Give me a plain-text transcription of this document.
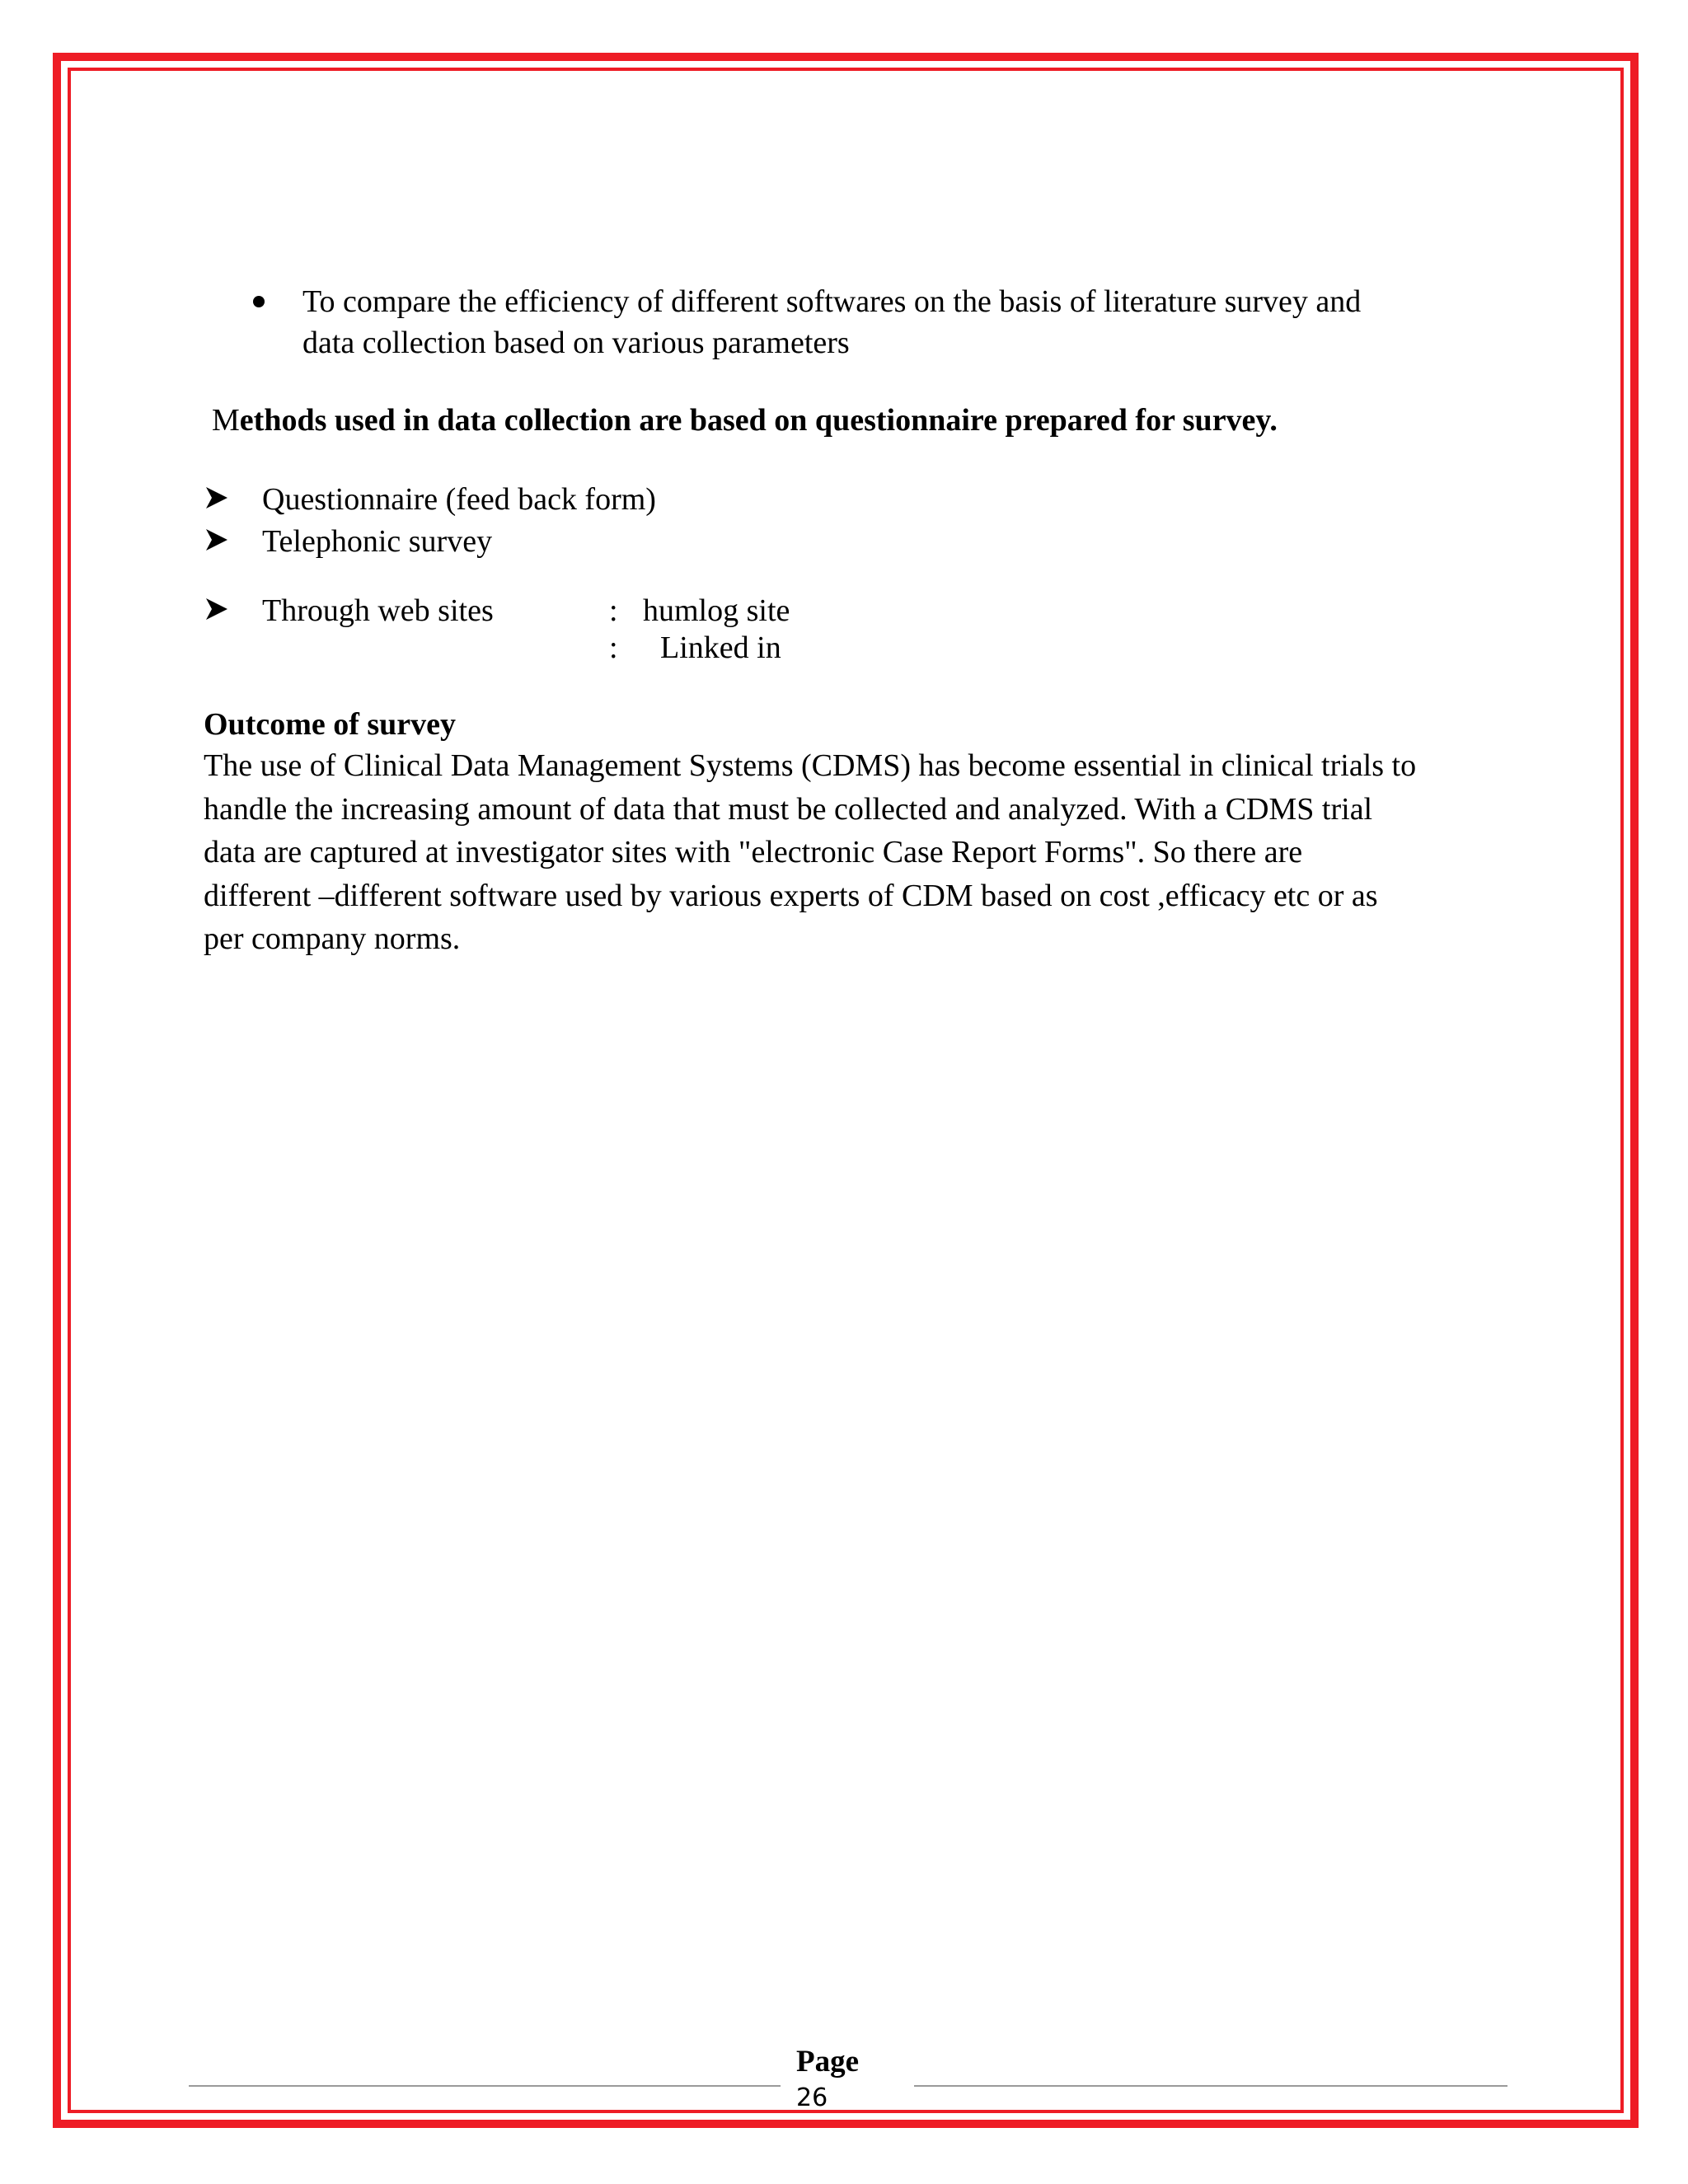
To compare the efficiency of different softwares on the basis of literature survey and
data collection based on various parameters
Methods used in data collection are based on questionnaire prepared for survey.
Questionnaire (feed back form)
Telephonic survey
Through web sites	: humlog site
: Linked in
Outcome of survey
The use of Clinical Data Management Systems (CDMS) has become essential in clinical trials to
handle the increasing amount of data that must be collected and analyzed. With a CDMS trial
data are captured at investigator sites with "electronic Case Report Forms". So there are
different –different software used by various experts of CDM based on cost ,efficacy etc or as
per company norms.
Page
26
